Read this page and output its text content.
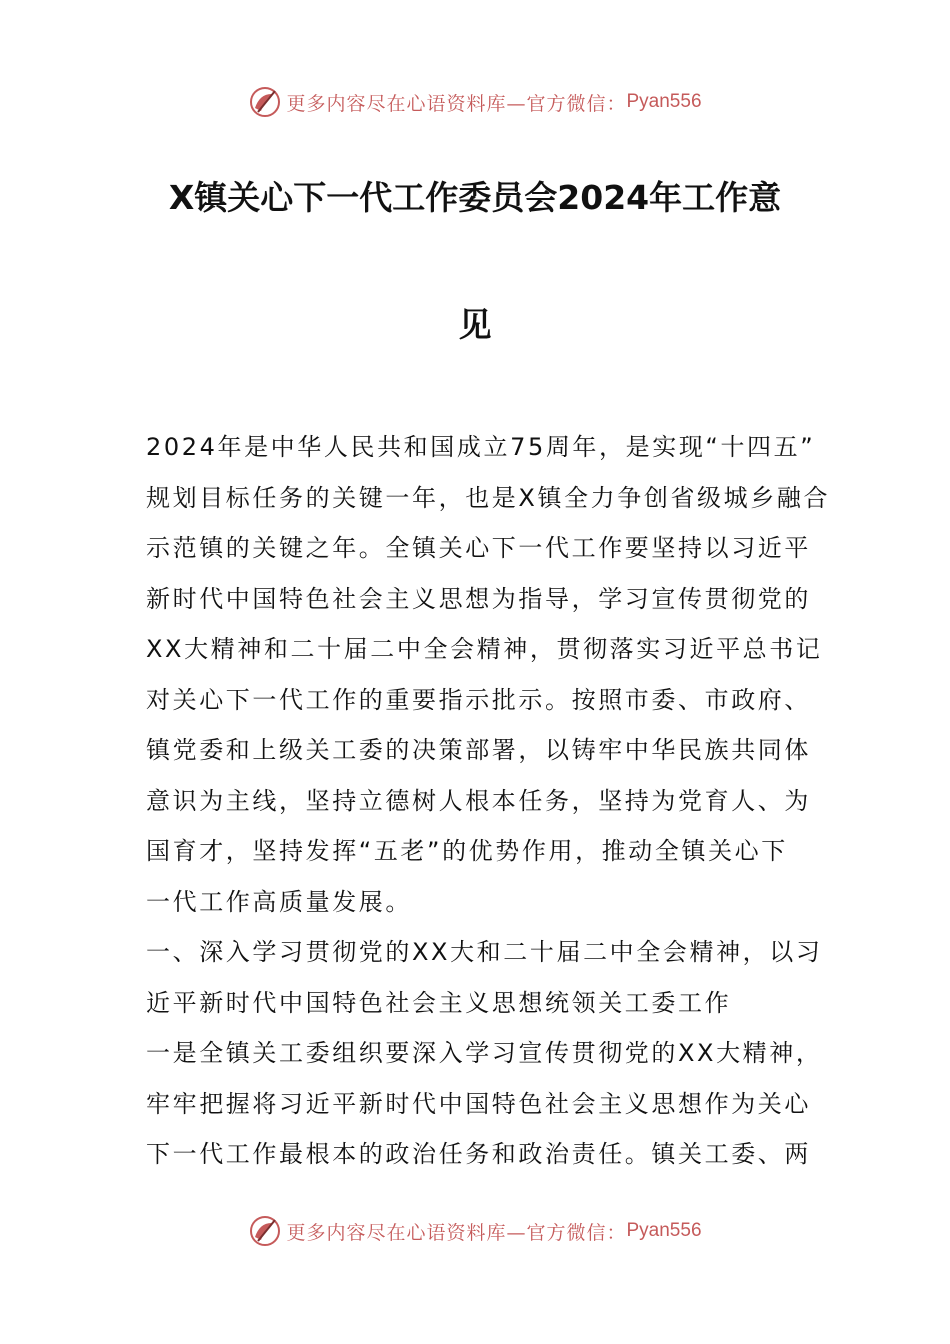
更多内容尽在心语资料库—官方微信： Pyan556
X镇关心下一代工作委员会2024年工作意
见
2024年是中华人民共和国成立75周年，是实现“十四五”
规划目标任务的关键一年，也是X镇全力争创省级城乡融合
示范镇的关键之年。全镇关心下一代工作要坚持以习近平
新时代中国特色社会主义思想为指导，学习宣传贯彻党的
XX大精神和二十届二中全会精神，贯彻落实习近平总书记
对关心下一代工作的重要指示批示。按照市委、市政府、
镇党委和上级关工委的决策部署，以铸牢中华民族共同体
意识为主线，坚持立德树人根本任务，坚持为党育人、为
国育才，坚持发挥“五老”的优势作用，推动全镇关心下
一代工作高质量发展。
一、深入学习贯彻党的XX大和二十届二中全会精神，以习
近平新时代中国特色社会主义思想统领关工委工作
一是全镇关工委组织要深入学习宣传贯彻党的XX大精神，
牢牢把握将习近平新时代中国特色社会主义思想作为关心
下一代工作最根本的政治任务和政治责任。镇关工委、两
更多内容尽在心语资料库—官方微信： Pyan556
